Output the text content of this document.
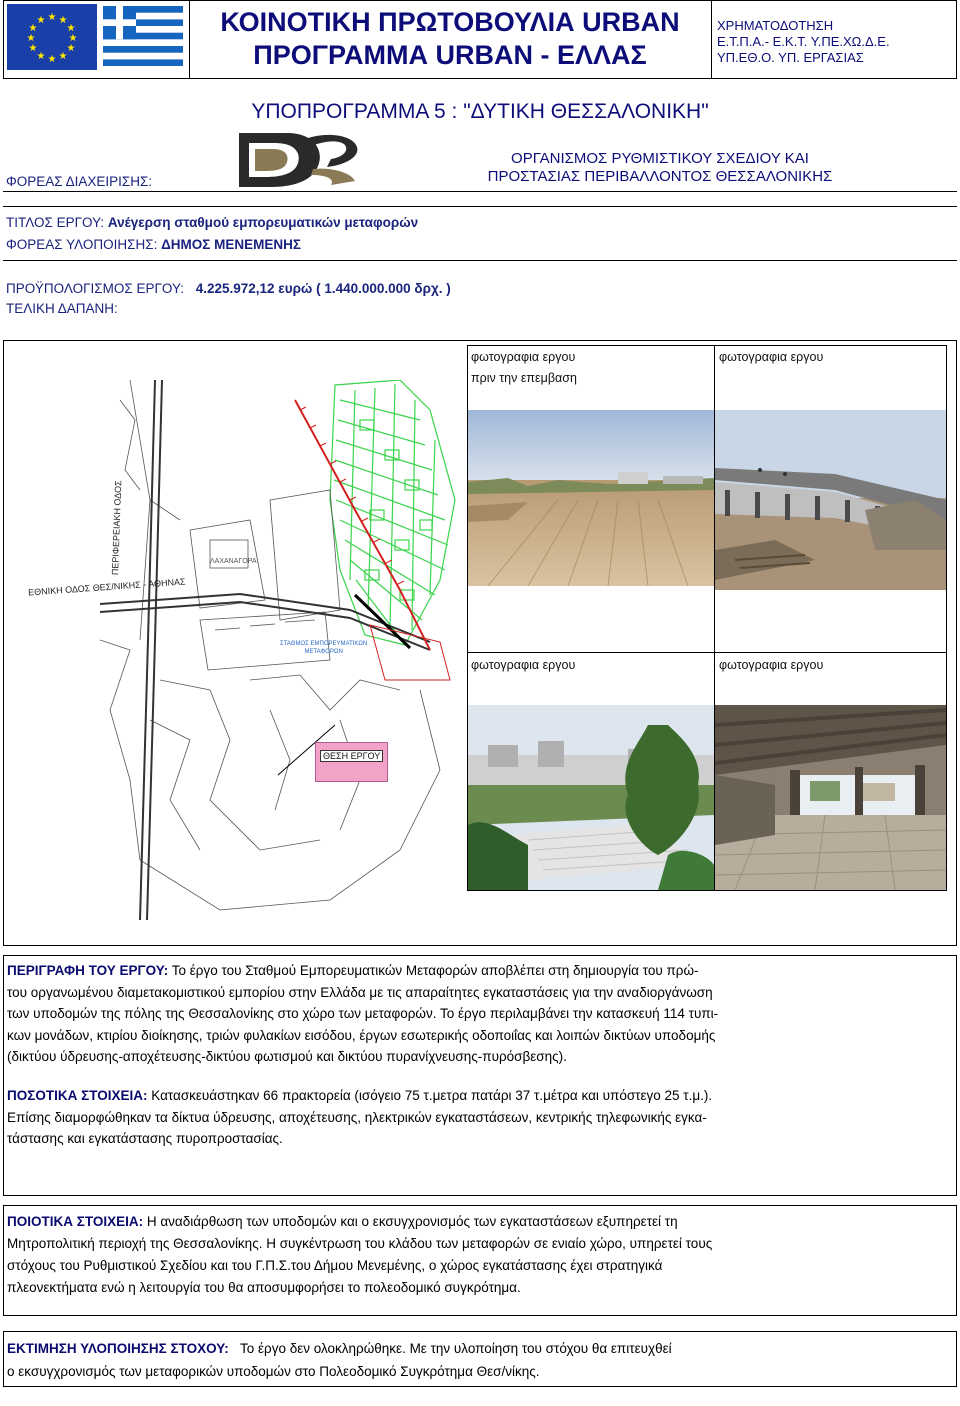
★ ★
★
★
★
★
★
★
★
★
★
★	ΚΟΙΝΟΤΙΚΗ ΠΡΩΤΟΒΟΥΛΙΑ URBAN
ΠΡΟΓΡΑΜΜΑ URBAN - ΕΛΛΑΣ
ΧΡΗΜΑΤΟΔΟΤΗΣΗ
Ε.Τ.Π.Α.- Ε.Κ.Τ. Υ.ΠΕ.ΧΩ.Δ.Ε.
ΥΠ.ΕΘ.Ο. ΥΠ. ΕΡΓΑΣΙΑΣ
ΥΠΟΠΡΟΓΡΑΜΜΑ 5 : "ΔΥΤΙΚΗ ΘΕΣΣΑΛΟΝΙΚΗ"
ΦΟΡΕΑΣ ΔΙΑΧΕΙΡΙΣΗΣ:
ΟΡΓΑΝΙΣΜΟΣ ΡΥΘΜΙΣΤΙΚΟΥ ΣΧΕΔΙΟΥ ΚΑΙ
ΠΡΟΣΤΑΣΙΑΣ ΠΕΡΙΒΑΛΛΟΝΤΟΣ ΘΕΣΣΑΛΟΝΙΚΗΣ
ΤΙΤΛΟΣ ΕΡΓΟΥ: Ανέγερση σταθμού εμπορευματικών μεταφορών
ΦΟΡΕΑΣ ΥΛΟΠΟΙΗΣΗΣ: ΔΗΜΟΣ ΜΕΝΕΜΕΝΗΣ
ΠΡΟΫΠΟΛΟΓΙΣΜΟΣ ΕΡΓΟΥ: 4.225.972,12 ευρώ ( 1.440.000.000 δρχ. )
ΤΕΛΙΚΗ ΔΑΠΑΝΗ:
ΠΕΡΙΦΕΡΕΙΑΚΗ ΟΔΟΣ
ΕΘΝΙΚΗ ΟΔΟΣ ΘΕΣ/ΝΙΚΗΣ - ΑΘΗΝΑΣ
ΛΑΧΑΝΑΓΟΡΑ
ΣΤΑΘΜΟΣ ΕΜΠΟΡΕΥΜΑΤΙΚΩΝ
ΜΕΤΑΦΟΡΩΝ
ΘΕΣΗ ΕΡΓΟΥ
φωτογραφια εργου
πριν την επεμβαση
φωτογραφια εργου
φωτογραφια εργου	φωτογραφια εργου
ΠΕΡΙΓΡΑΦΗ ΤΟΥ ΕΡΓΟΥ: Το έργο του Σταθμού Εμπορευματικών Μεταφορών αποβλέπει στη δημιουργία του πρώ-
του οργανωμένου διαμετακομιστικού εμπορίου στην Ελλάδα με τις απαραίτητες εγκαταστάσεις για την αναδιοργάνωση
των υποδομών της πόλης της Θεσσαλονίκης στο χώρο των μεταφορών. Το έργο περιλαμβάνει την κατασκευή 114 τυπι-
κων μονάδων, κτιρίου διοίκησης, τριών φυλακίων εισόδου, έργων εσωτερικής οδοποιΐας και λοιπών δικτύων υποδομής
(δικτύου ύδρευσης-αποχέτευσης-δικτύου φωτισμού και δικτύου πυρανίχνευσης-πυρόσβεσης).
ΠΟΣΟΤΙΚΑ ΣΤΟΙΧΕΙΑ: Κατασκευάστηκαν 66 πρακτορεία (ισόγειο 75 τ.μετρα πατάρι 37 τ.μέτρα και υπόστεγο 25 τ.μ.).
Επίσης διαμορφώθηκαν τα δίκτυα ύδρευσης, αποχέτευσης, ηλεκτρικών εγκαταστάσεων, κεντρικής τηλεφωνικής εγκα-
τάστασης και εγκατάστασης πυροπροστασίας.
ΠΟΙΟΤΙΚΑ ΣΤΟΙΧΕΙΑ: Η αναδιάρθωση των υποδομών και ο εκσυγχρονισμός των εγκαταστάσεων εξυπηρετεί τη
Μητροπολιτική περιοχή της Θεσσαλονίκης. Η συγκέντρωση του κλάδου των μεταφορών σε ενιαίο χώρο, υπηρετεί τους
στόχους του Ρυθμιστικού Σχεδίου και του Γ.Π.Σ.του Δήμου Μενεμένης, ο χώρος εγκατάστασης έχει στρατηγικά
πλεονεκτήματα ενώ η λειτουργία του θα αποσυμφορήσει το πολεοδομικό συγκρότημα.
ΕΚΤΙΜΗΣΗ ΥΛΟΠΟΙΗΣΗΣ ΣΤΟΧΟΥ: Το έργο δεν ολοκληρώθηκε. Με την υλοποίηση του στόχου θα επιτευχθεί
ο εκσυγχρονισμός των μεταφορικών υποδομών στο Πολεοδομικό Συγκρότημα Θεσ/νίκης.
